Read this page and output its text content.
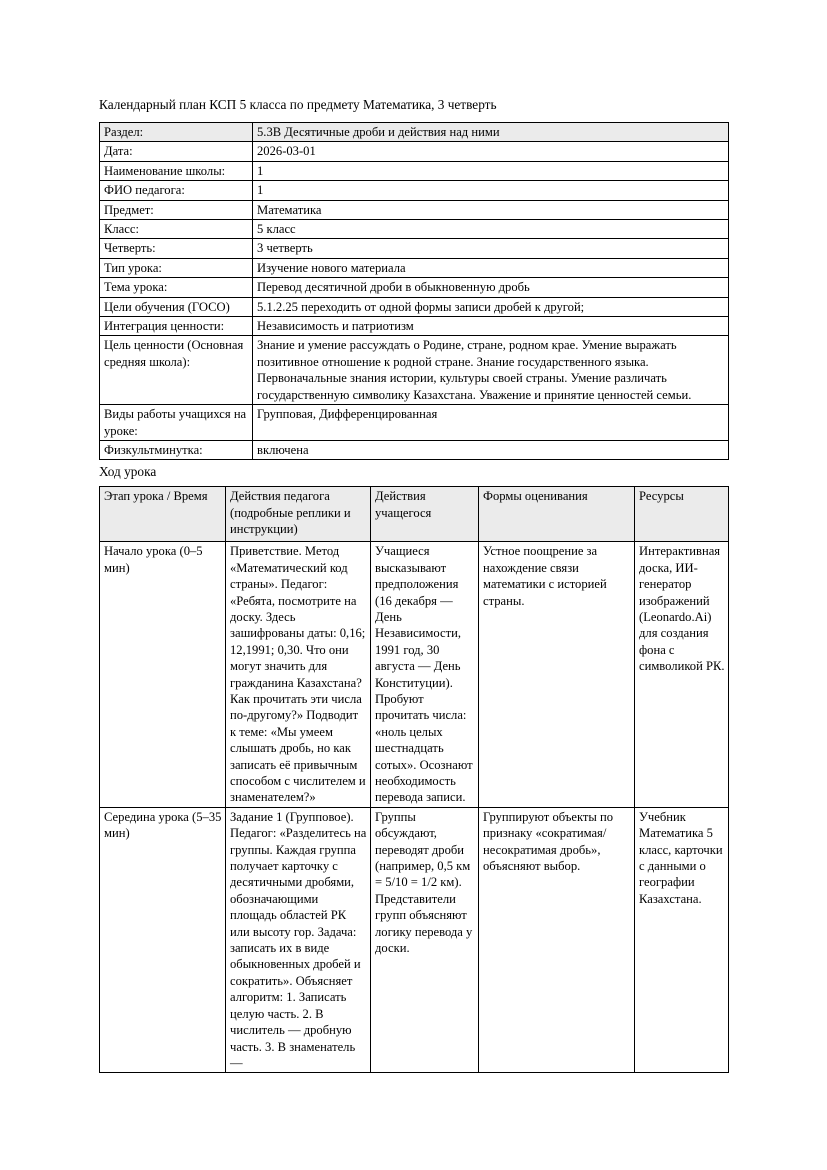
Календарный план КСП 5 класса по предмету Математика, 3 четверть

Раздел:	5.3В Десятичные дроби и действия над ними
Дата:	2026-03-01
Наименование школы:	1
ФИО педагога:	1
Предмет:	Математика
Класс:	5 класс
Четверть:	3 четверть
Тип урока:	Изучение нового материала
Тема урока:	Перевод десятичной дроби в обыкновенную дробь
Цели обучения (ГОСО)	5.1.2.25 переходить от одной формы записи дробей к другой;
Интеграция ценности:	Независимость и патриотизм
Цель ценности (Основная средняя школа):	Знание и умение рассуждать о Родине, стране, родном крае. Умение выражать позитивное отношение к родной стране. Знание государственного языка. Первоначальные знания истории, культуры своей страны. Умение различать государственную символику Казахстана. Уважение и принятие ценностей семьи.
Виды работы учащихся на уроке:	Групповая, Дифференцированная
Физкультминутка:	включена

Ход урока

Этап урока / Время	Действия педагога (подробные реплики и инструкции)	Действия учащегося	Формы оценивания	Ресурсы
Начало урока (0–5 мин)	Приветствие. Метод «Математический код страны». Педагог: «Ребята, посмотрите на доску. Здесь зашифрованы даты: 0,16; 12,1991; 0,30. Что они могут значить для гражданина Казахстана? Как прочитать эти числа по-другому?» Подводит к теме: «Мы умеем слышать дробь, но как записать её привычным способом с числителем и знаменателем?»	Учащиеся высказывают предположения (16 декабря — День Независимости, 1991 год, 30 августа — День Конституции). Пробуют прочитать числа: «ноль целых шестнадцать сотых». Осознают необходимость перевода записи.	Устное поощрение за нахождение связи математики с историей страны.	Интерактивная доска, ИИ-генератор изображений (Leonardo.Ai) для создания фона с символикой РК.
Середина урока (5–35 мин)	Задание 1 (Групповое). Педагог: «Разделитесь на группы. Каждая группа получает карточку с десятичными дробями, обозначающими площадь областей РК или высоту гор. Задача: записать их в виде обыкновенных дробей и сократить». Объясняет алгоритм: 1. Записать целую часть. 2. В числитель — дробную часть. 3. В знаменатель —	Группы обсуждают, переводят дроби (например, 0,5 км = 5/10 = 1/2 км). Представители групп объясняют логику перевода у доски.	Группируют объекты по признаку «сократимая/несократимая дробь», объясняют выбор.	Учебник Математика 5 класс, карточки с данными о географии Казахстана.
